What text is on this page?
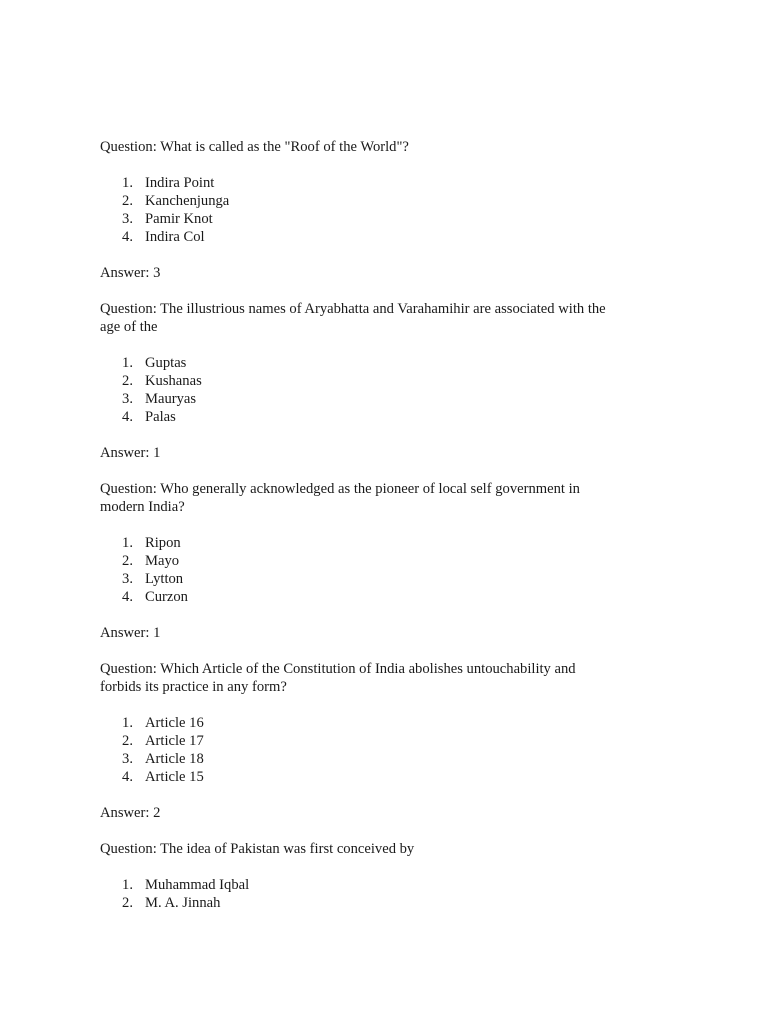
Question: What is called as the "Roof of the World"?

1. Indira Point
2. Kanchenjunga
3. Pamir Knot
4. Indira Col

Answer: 3

Question: The illustrious names of Aryabhatta and Varahamihir are associated with the age of the

1. Guptas
2. Kushanas
3. Mauryas
4. Palas

Answer: 1

Question: Who generally acknowledged as the pioneer of local self government in modern India?

1. Ripon
2. Mayo
3. Lytton
4. Curzon

Answer: 1

Question: Which Article of the Constitution of India abolishes untouchability and forbids its practice in any form?

1. Article 16
2. Article 17
3. Article 18
4. Article 15

Answer: 2

Question: The idea of Pakistan was first conceived by

1. Muhammad Iqbal
2. M. A. Jinnah
